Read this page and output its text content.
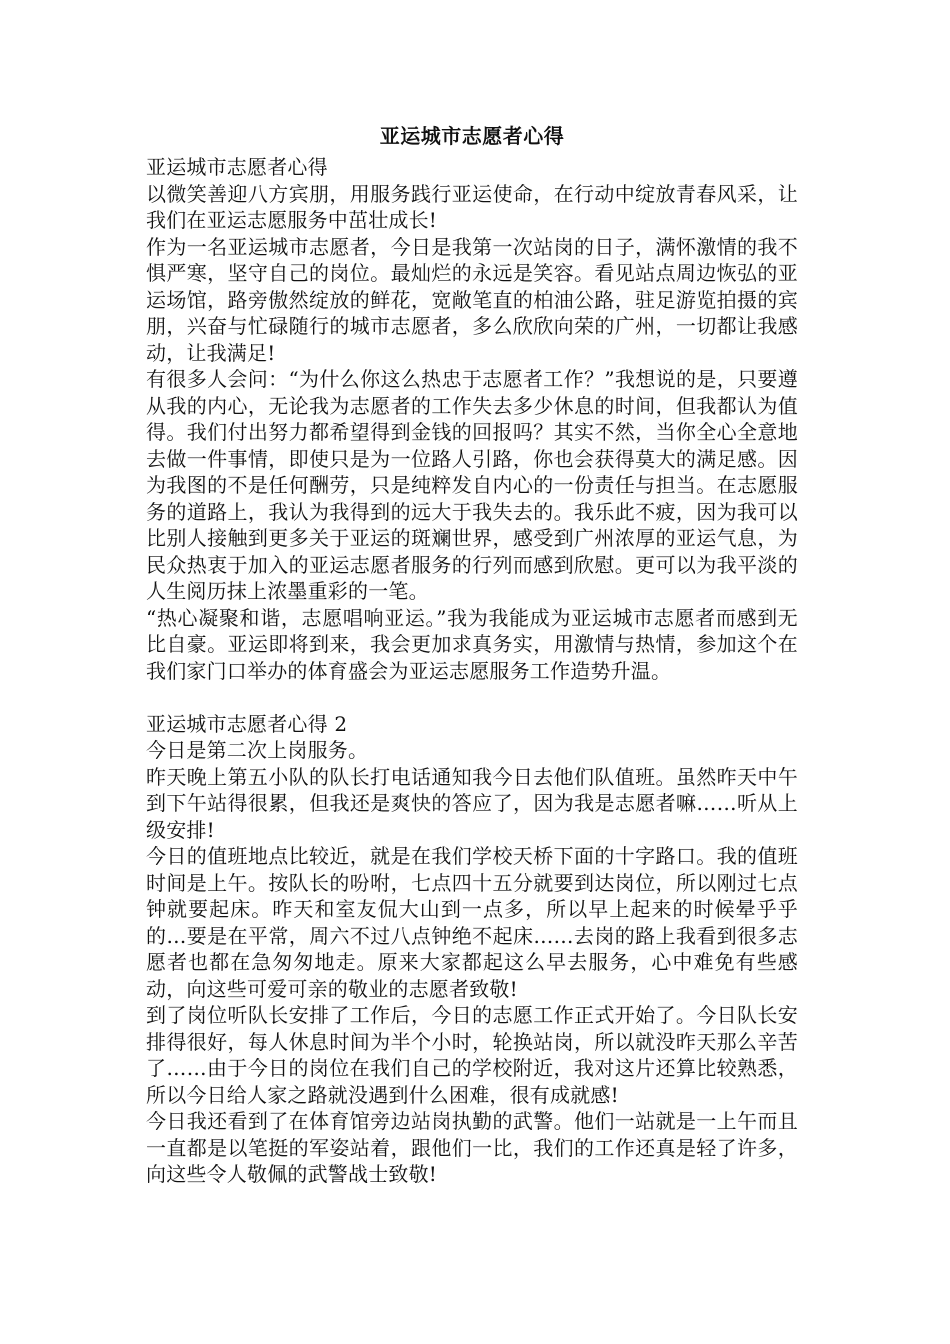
亚运城市志愿者心得

亚运城市志愿者心得

以微笑善迎八方宾朋，用服务践行亚运使命，在行动中绽放青春风采，让我们在亚运志愿服务中茁壮成长!

作为一名亚运城市志愿者，今日是我第一次站岗的日子，满怀激情的我不惧严寒，坚守自己的岗位。最灿烂的永远是笑容。看见站点周边恢弘的亚运场馆，路旁傲然绽放的鲜花，宽敞笔直的柏油公路，驻足游览拍摄的宾朋，兴奋与忙碌随行的城市志愿者，多么欣欣向荣的广州，一切都让我感动，让我满足!

有很多人会问：“为什么你这么热忠于志愿者工作？”我想说的是，只要遵从我的内心，无论我为志愿者的工作失去多少休息的时间，但我都认为值得。我们付出努力都希望得到金钱的回报吗？其实不然，当你全心全意地去做一件事情，即使只是为一位路人引路，你也会获得莫大的满足感。因为我图的不是任何酬劳，只是纯粹发自内心的一份责任与担当。在志愿服务的道路上，我认为我得到的远大于我失去的。我乐此不疲，因为我可以比别人接触到更多关于亚运的斑斓世界，感受到广州浓厚的亚运气息，为民众热衷于加入的亚运志愿者服务的行列而感到欣慰。更可以为我平淡的人生阅历抹上浓墨重彩的一笔。

“热心凝聚和谐，志愿唱响亚运。”我为我能成为亚运城市志愿者而感到无比自豪。亚运即将到来，我会更加求真务实，用激情与热情，参加这个在我们家门口举办的体育盛会为亚运志愿服务工作造势升温。

亚运城市志愿者心得 2

今日是第二次上岗服务。

昨天晚上第五小队的队长打电话通知我今日去他们队值班。虽然昨天中午到下午站得很累，但我还是爽快的答应了，因为我是志愿者嘛……听从上级安排!

今日的值班地点比较近，就是在我们学校天桥下面的十字路口。我的值班时间是上午。按队长的吩咐，七点四十五分就要到达岗位，所以刚过七点钟就要起床。昨天和室友侃大山到一点多，所以早上起来的时候晕乎乎的…要是在平常，周六不过八点钟绝不起床……去岗的路上我看到很多志愿者也都在急匆匆地走。原来大家都起这么早去服务，心中难免有些感动，向这些可爱可亲的敬业的志愿者致敬!

到了岗位听队长安排了工作后，今日的志愿工作正式开始了。今日队长安排得很好，每人休息时间为半个小时，轮换站岗，所以就没昨天那么辛苦了……由于今日的岗位在我们自己的学校附近，我对这片还算比较熟悉，所以今日给人家之路就没遇到什么困难，很有成就感!

今日我还看到了在体育馆旁边站岗执勤的武警。他们一站就是一上午而且一直都是以笔挺的军姿站着，跟他们一比，我们的工作还真是轻了许多，向这些令人敬佩的武警战士致敬!
